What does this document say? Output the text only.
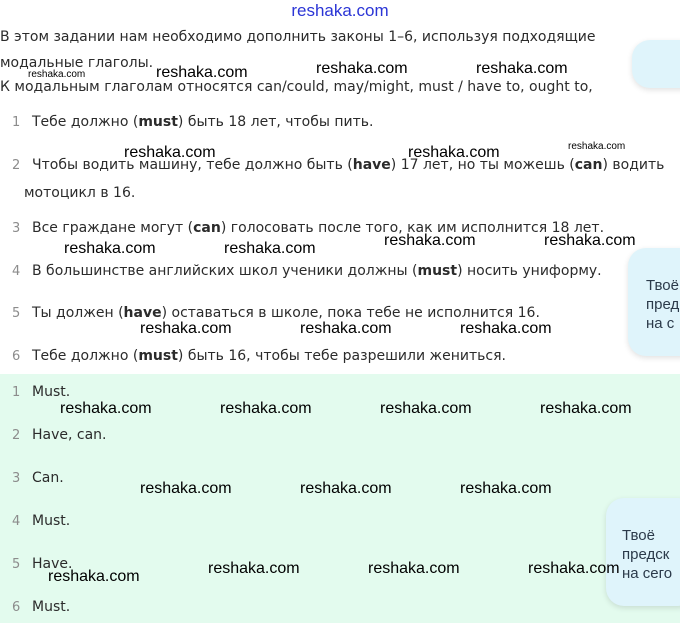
reshaka.com

В этом задании нам необходимо дополнить законы 1–6, используя подходящие

модальные глаголы.

К модальным глаголам относятся can/could, may/might, must / have to, ought to,

1 Тебе должно (must) быть 18 лет, чтобы пить.
2 Чтобы водить машину, тебе должно быть (have) 17 лет, но ты можешь (can) водить
мотоцикл в 16.
3 Все граждане могут (can) голосовать после того, как им исполнится 18 лет.
4 В большинстве английских школ ученики должны (must) носить униформу.
5 Ты должен (have) оставаться в школе, пока тебе не исполнится 16.
6 Тебе должно (must) быть 16, чтобы тебе разрешили жениться.
Твоё
пред
на с
1 Must.
2 Have, can.
3 Can.
4 Must.
5 Have.
6 Must.
Твоё
предск
на сего
reshaka.com	reshaka.com	reshaka.com	reshaka.com
reshaka.com
reshaka.com	reshaka.com
reshaka.com	reshaka.com
reshaka.com	reshaka.com
reshaka.com	reshaka.com	reshaka.com
reshaka.com	reshaka.com	reshaka.com	reshaka.com
reshaka.com	reshaka.com	reshaka.com
reshaka.com	reshaka.com	reshaka.com
reshaka.com
